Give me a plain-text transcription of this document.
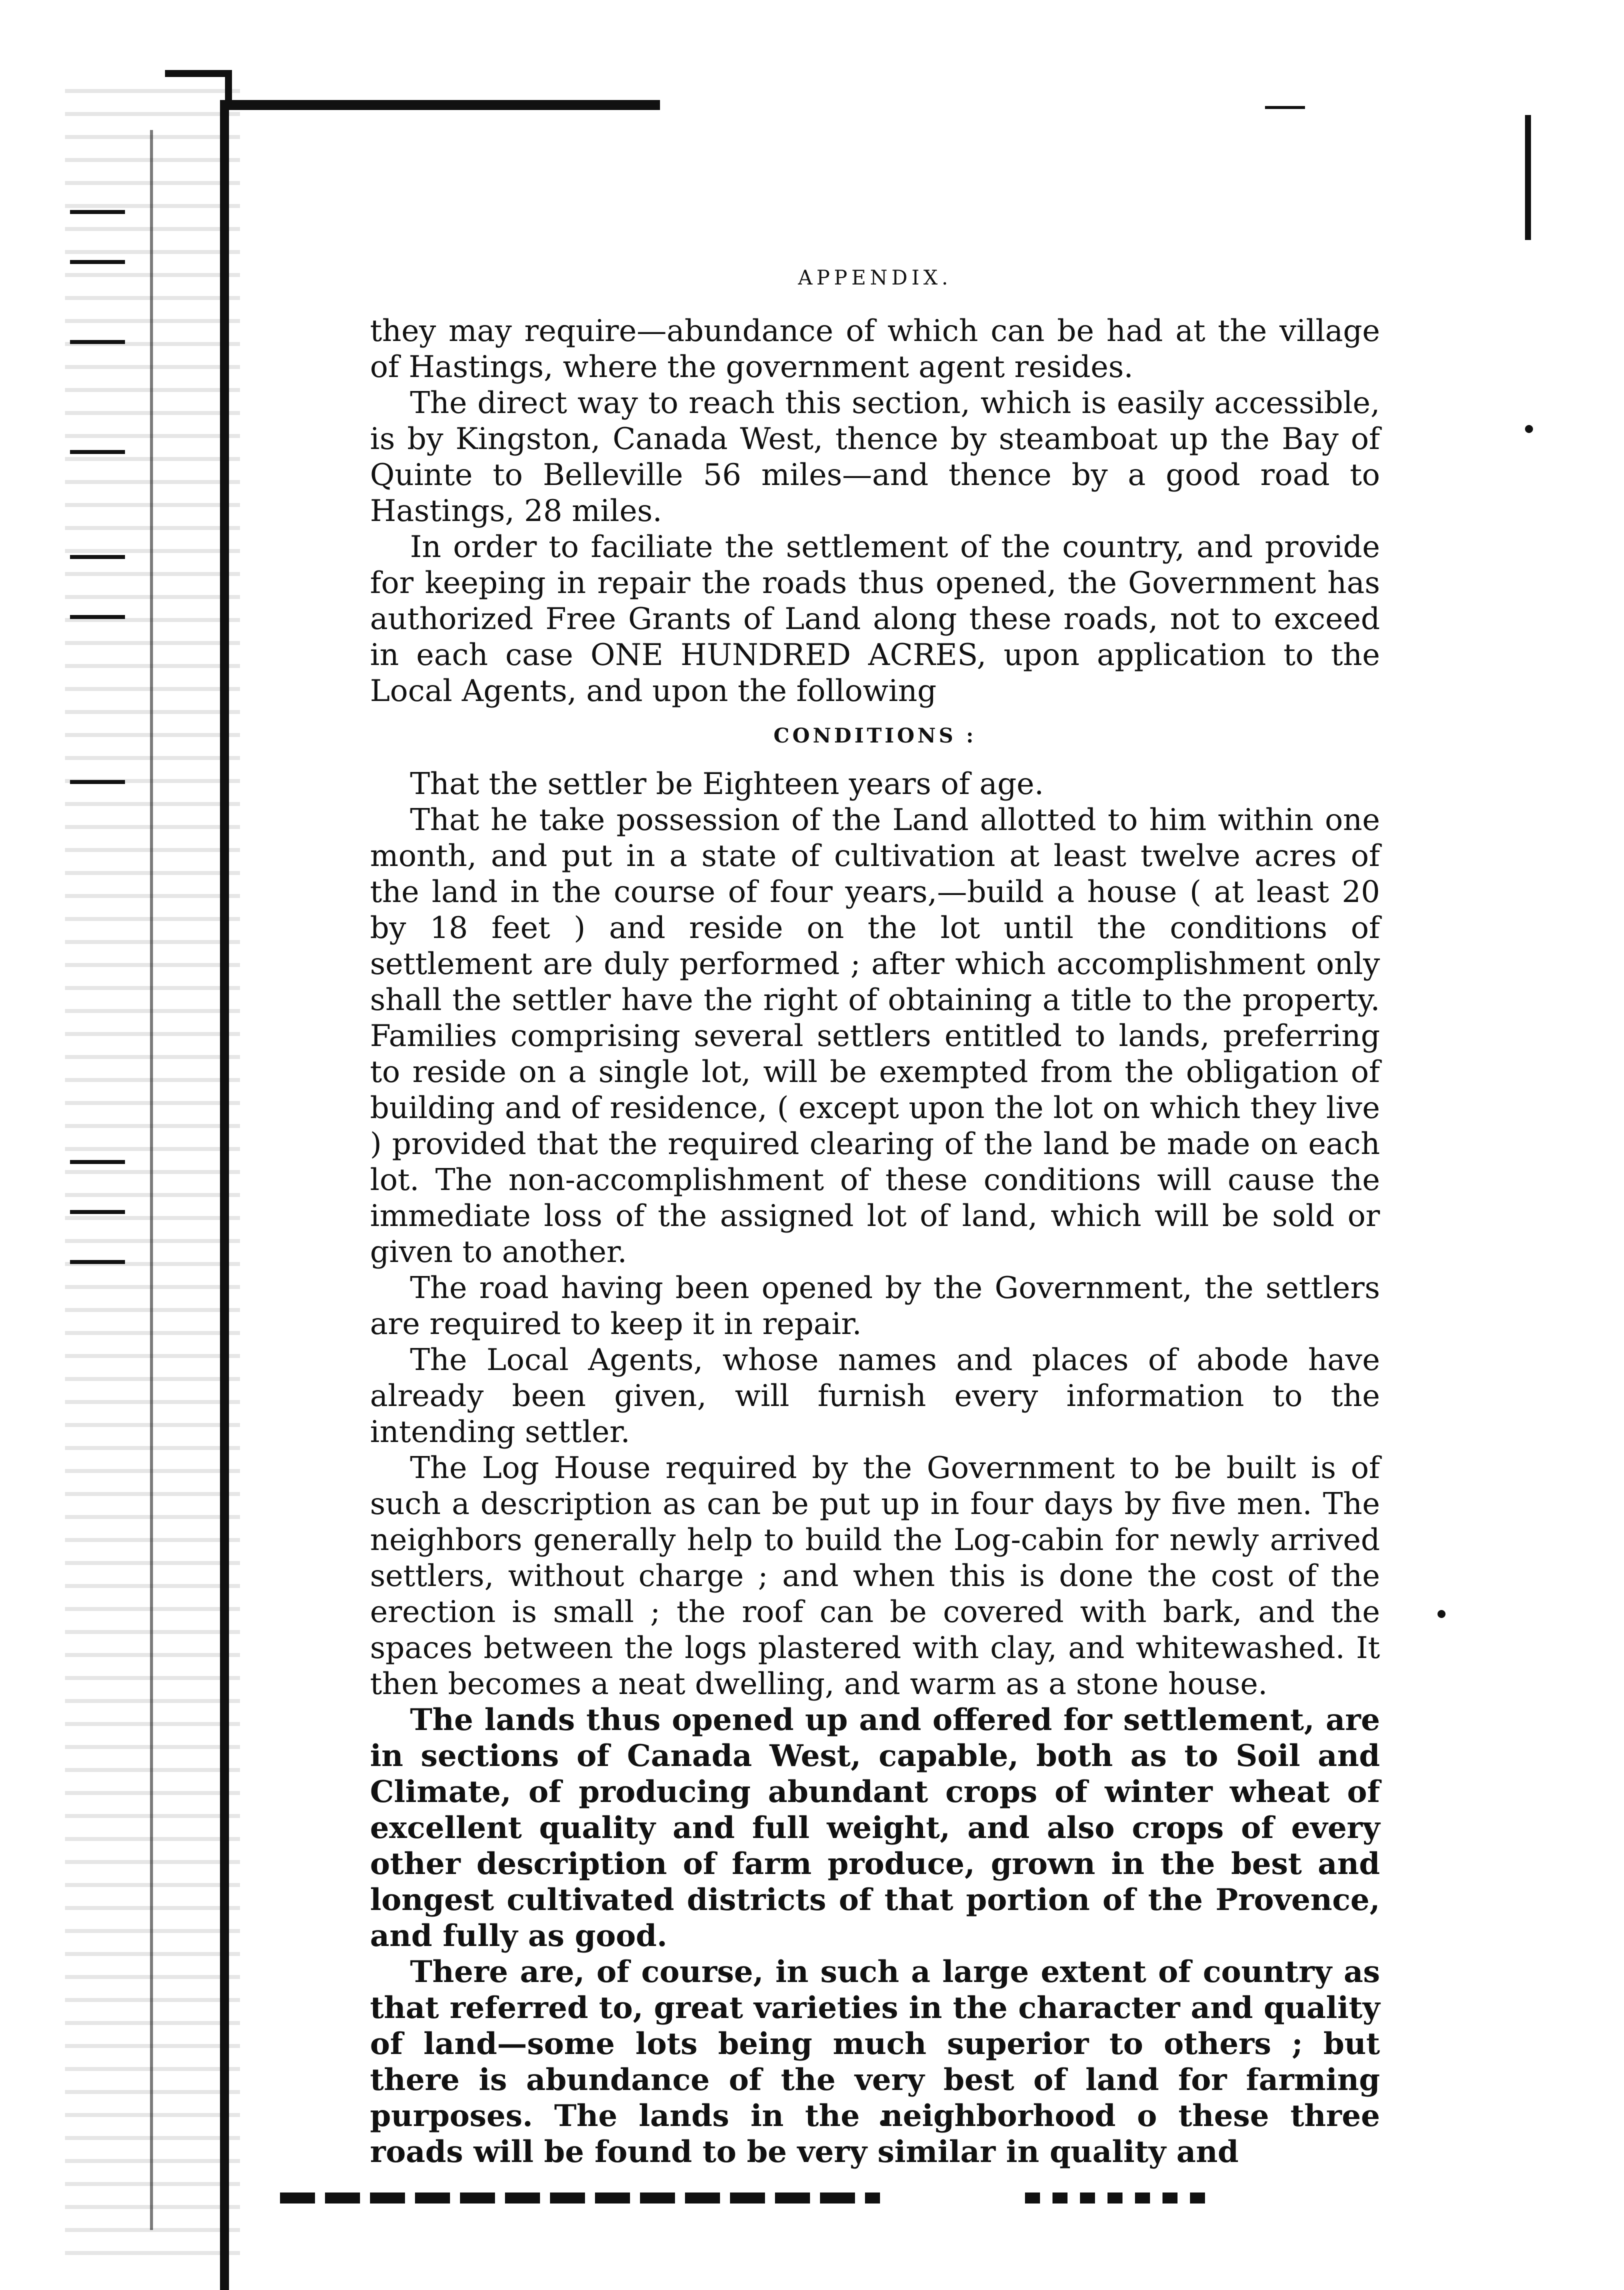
APPENDIX.

they may require—abundance of which can be had at the village of Hastings, where the government agent resides.

The direct way to reach this section, which is easily accessible, is by Kingston, Canada West, thence by steamboat up the Bay of Quinte to Belleville 56 miles—and thence by a good road to Hastings, 28 miles.

In order to faciliate the settlement of the country, and provide for keeping in repair the roads thus opened, the Government has authorized Free Grants of Land along these roads, not to exceed in each case ONE HUNDRED ACRES, upon application to the Local Agents, and upon the following

CONDITIONS :

That the settler be Eighteen years of age.

That he take possession of the Land allotted to him within one month, and put in a state of cultivation at least twelve acres of the land in the course of four years,—build a house ( at least 20 by 18 feet ) and reside on the lot until the conditions of settlement are duly performed ; after which accomplishment only shall the settler have the right of obtaining a title to the property. Families comprising several settlers entitled to lands, preferring to reside on a single lot, will be exempted from the obligation of building and of residence, ( except upon the lot on which they live ) provided that the required clearing of the land be made on each lot. The non-accomplishment of these conditions will cause the immediate loss of the assigned lot of land, which will be sold or given to another.

The road having been opened by the Government, the settlers are required to keep it in repair.

The Local Agents, whose names and places of abode have already been given, will furnish every information to the intending settler.

The Log House required by the Government to be built is of such a description as can be put up in four days by five men. The neighbors generally help to build the Log-cabin for newly arrived settlers, without charge ; and when this is done the cost of the erection is small ; the roof can be covered with bark, and the spaces between the logs plastered with clay, and whitewashed. It then becomes a neat dwelling, and warm as a stone house.

The lands thus opened up and offered for settlement, are in sections of Canada West, capable, both as to Soil and Climate, of producing abundant crops of winter wheat of excellent quality and full weight, and also crops of every other description of farm produce, grown in the best and longest cultivated districts of that portion of the Provence, and fully as good.

There are, of course, in such a large extent of country as that referred to, great varieties in the character and quality of land—some lots being much superior to others ; but there is abundance of the very best of land for farming purposes. The lands in the neighborhood o these three roads will be found to be very similar in quality and
